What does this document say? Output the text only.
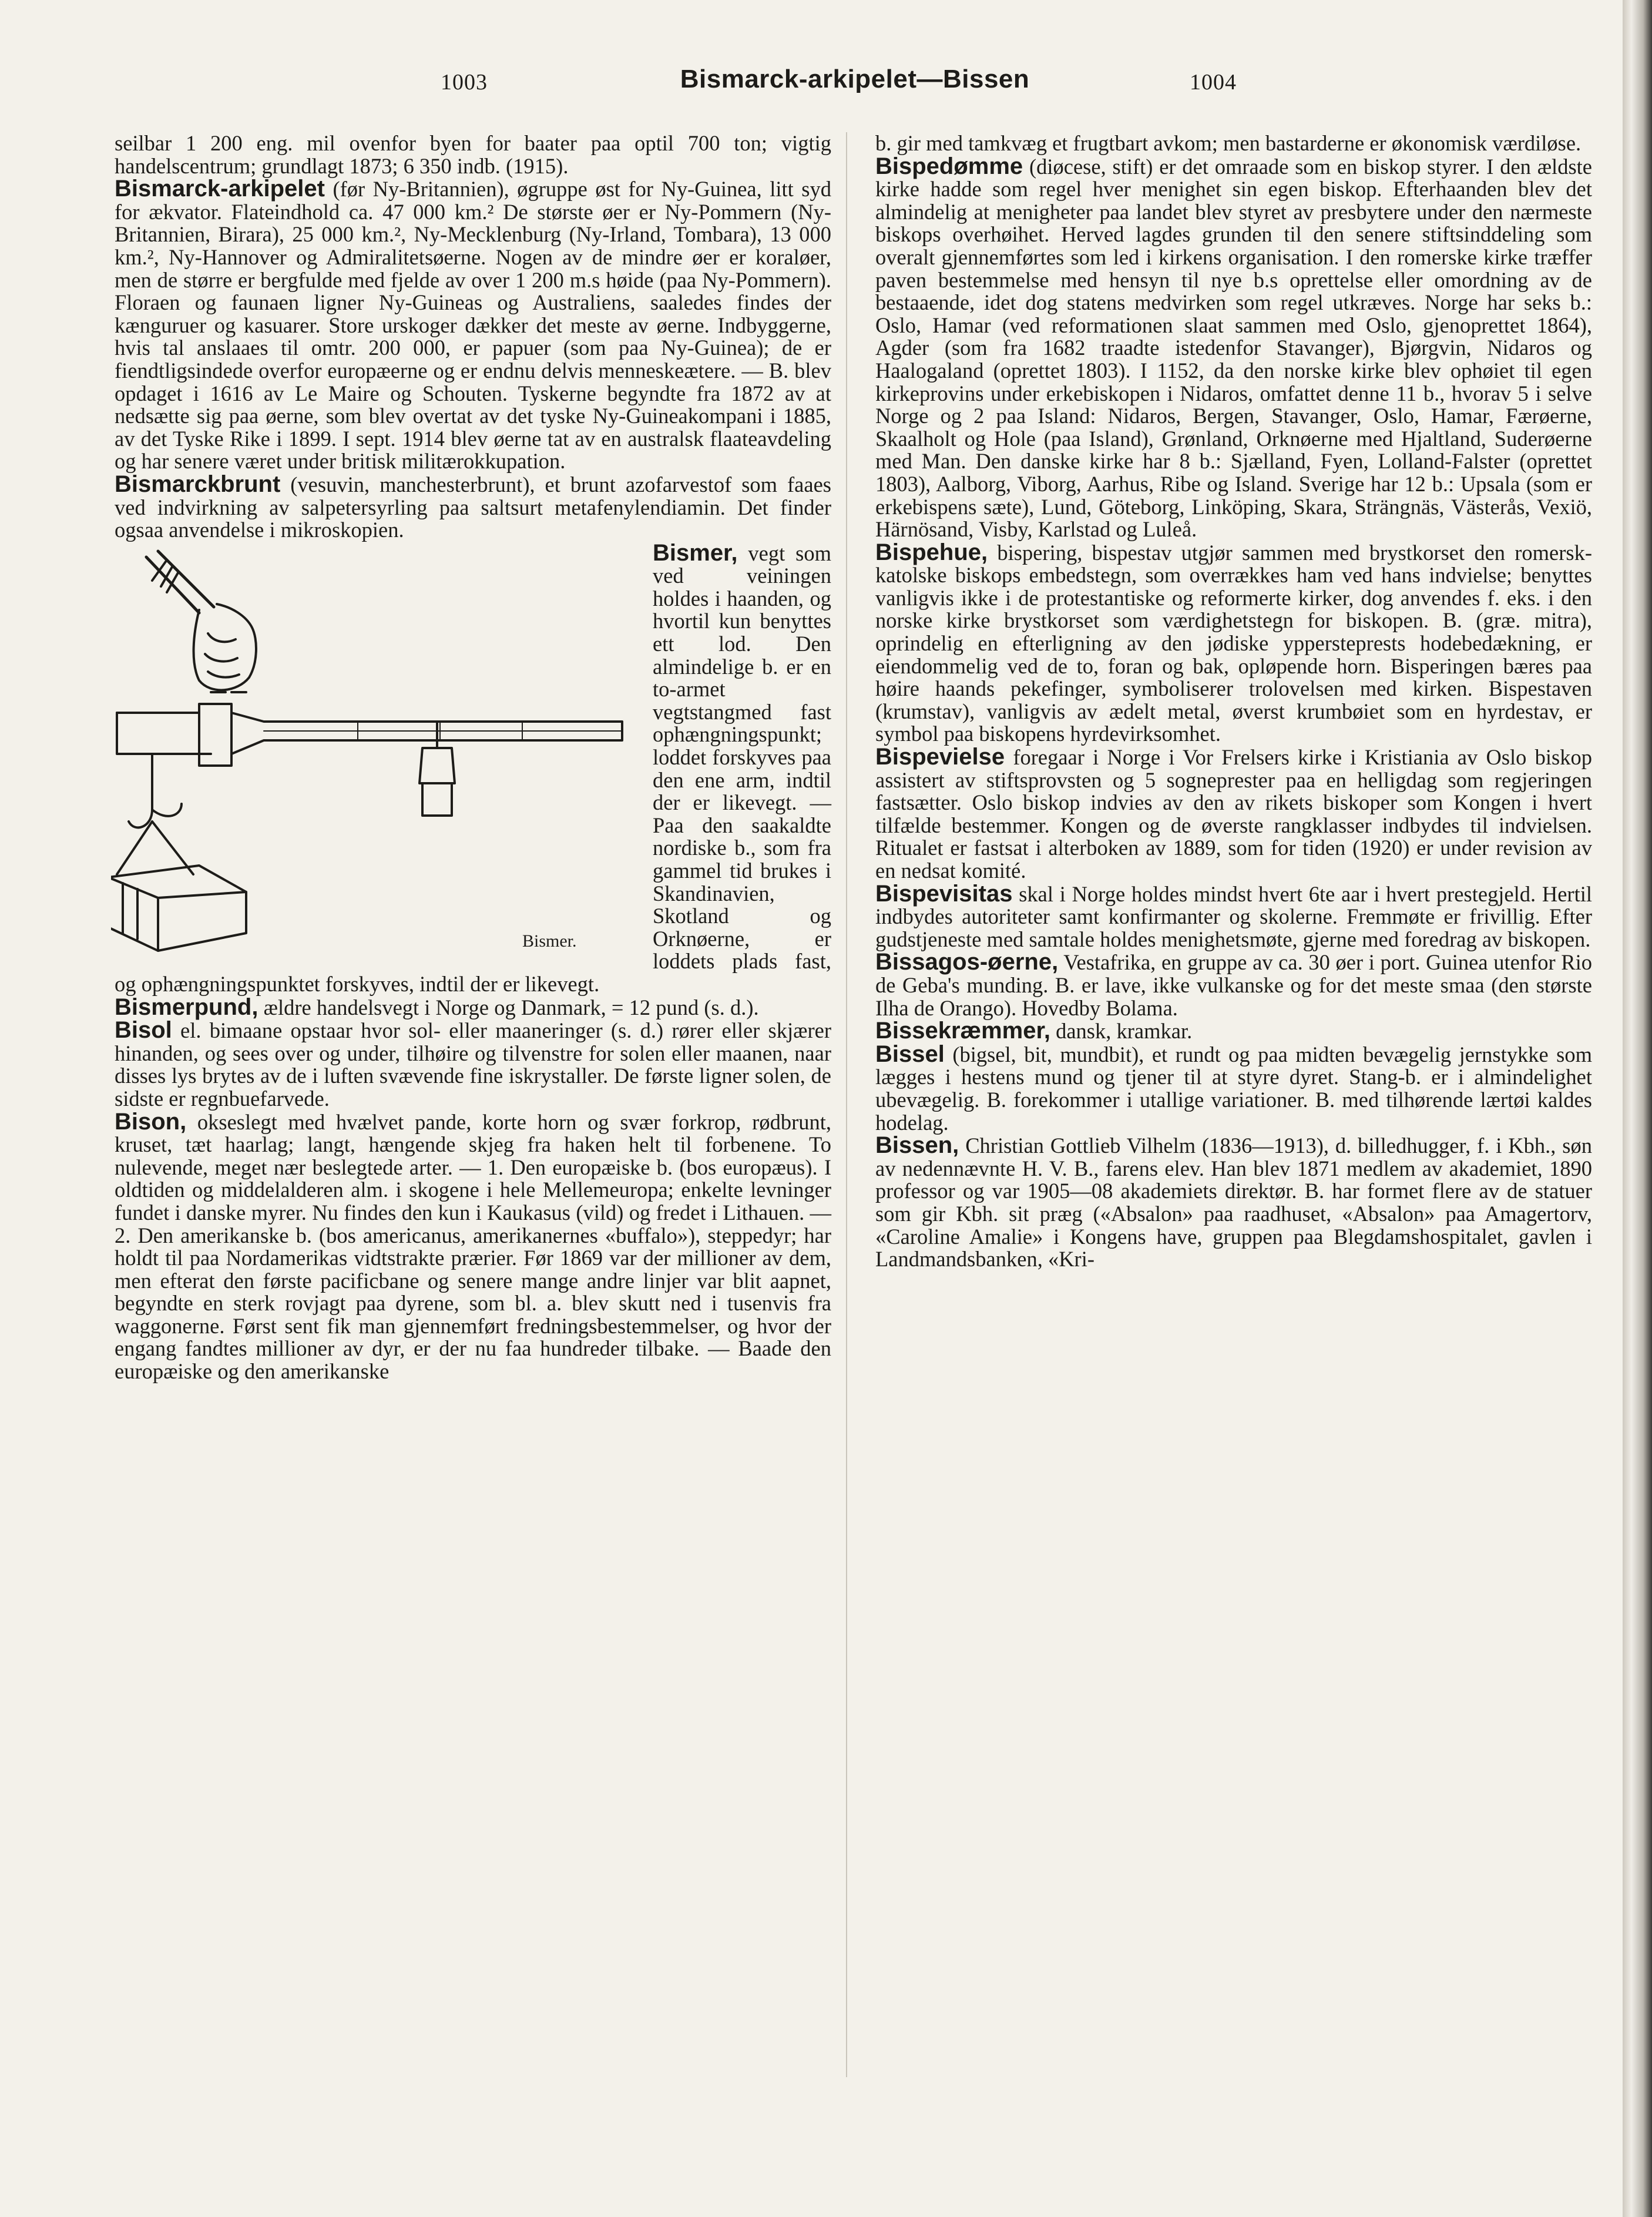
1003	Bismarck-arkipelet—Bissen	1004

seilbar 1 200 eng. mil ovenfor byen for baater paa optil 700 ton; vigtig handelscentrum; grundlagt 1873; 6 350 indb. (1915).

Bismarck-arkipelet (før Ny-Britannien), øgruppe øst for Ny-Guinea, litt syd for ækvator. Flateindhold ca. 47 000 km.² De største øer er Ny-Pommern (Ny-Britannien, Birara), 25 000 km.², Ny-Mecklenburg (Ny-Irland, Tombara), 13 000 km.², Ny-Hannover og Admiralitetsøerne. Nogen av de mindre øer er koraløer, men de større er bergfulde med fjelde av over 1 200 m.s høide (paa Ny-Pommern). Floraen og faunaen ligner Ny-Guineas og Australiens, saaledes findes der kænguruer og kasuarer. Store urskoger dækker det meste av øerne. Indbyggerne, hvis tal anslaaes til omtr. 200 000, er papuer (som paa Ny-Guinea); de er fiendtligsindede overfor europæerne og er endnu delvis menneskeætere. — B. blev opdaget i 1616 av Le Maire og Schouten. Tyskerne begyndte fra 1872 av at nedsætte sig paa øerne, som blev overtat av det tyske Ny-Guineakompani i 1885, av det Tyske Rike i 1899. I sept. 1914 blev øerne tat av en australsk flaateavdeling og har senere været under britisk militærokkupation.

Bismarckbrunt (vesuvin, manchesterbrunt), et brunt azofarvestof som faaes ved indvirkning av salpetersyrling paa saltsurt metafenylendiamin. Det finder ogsaa anvendelse i mikroskopien.

Bismer,
Bismer.
vegt som ved veiningen holdes i haanden, og hvortil kun benyttes ett lod. Den almindelige b. er en to-armet vegtstangmed fast ophængningspunkt; loddet forskyves paa den ene arm, indtil der er likevegt. — Paa den saakaldte nordiske b., som fra gammel tid brukes i Skandinavien, Skotland og Orknøerne, er loddets plads fast, og ophængningspunktet forskyves, indtil der er likevegt.

Bismerpund, ældre handelsvegt i Norge og Danmark, = 12 pund (s. d.).

Bisol el. bimaane opstaar hvor sol- eller maaneringer (s. d.) rører eller skjærer hinanden, og sees over og under, tilhøire og tilvenstre for solen eller maanen, naar disses lys brytes av de i luften svævende fine iskrystaller. De første ligner solen, de sidste er regnbuefarvede.

Bison, okseslegt med hvælvet pande, korte horn og svær forkrop, rødbrunt, kruset, tæt haarlag; langt, hængende skjeg fra haken helt til forbenene. To nulevende, meget nær beslegtede arter. — 1. Den europæiske b. (bos europæus). I oldtiden og middelalderen alm. i skogene i hele Mellemeuropa; enkelte levninger fundet i danske myrer. Nu findes den kun i Kaukasus (vild) og fredet i Lithauen. — 2. Den amerikanske b. (bos americanus, amerikanernes «buffalo»), steppedyr; har holdt til paa Nordamerikas vidtstrakte prærier. Før 1869 var der millioner av dem, men efterat den første pacificbane og senere mange andre linjer var blit aapnet, begyndte en sterk rovjagt paa dyrene, som bl. a. blev skutt ned i tusenvis fra waggonerne. Først sent fik man gjennemført fredningsbestemmelser, og hvor der engang fandtes millioner av dyr, er der nu faa hundreder tilbake. — Baade den europæiske og den amerikanske

b. gir med tamkvæg et frugtbart avkom; men bastarderne er økonomisk værdiløse.

Bispedømme (diøcese, stift) er det omraade som en biskop styrer. I den ældste kirke hadde som regel hver menighet sin egen biskop. Efterhaanden blev det almindelig at menigheter paa landet blev styret av presbytere under den nærmeste biskops overhøihet. Herved lagdes grunden til den senere stiftsinddeling som overalt gjennemførtes som led i kirkens organisation. I den romerske kirke træffer paven bestemmelse med hensyn til nye b.s oprettelse eller omordning av de bestaaende, idet dog statens medvirken som regel utkræves. Norge har seks b.: Oslo, Hamar (ved reformationen slaat sammen med Oslo, gjenoprettet 1864), Agder (som fra 1682 traadte istedenfor Stavanger), Bjørgvin, Nidaros og Haalogaland (oprettet 1803). I 1152, da den norske kirke blev ophøiet til egen kirkeprovins under erkebiskopen i Nidaros, omfattet denne 11 b., hvorav 5 i selve Norge og 2 paa Island: Nidaros, Bergen, Stavanger, Oslo, Hamar, Færøerne, Skaalholt og Hole (paa Island), Grønland, Orknøerne med Hjaltland, Suderøerne med Man. Den danske kirke har 8 b.: Sjælland, Fyen, Lolland-Falster (oprettet 1803), Aalborg, Viborg, Aarhus, Ribe og Island. Sverige har 12 b.: Upsala (som er erkebispens sæte), Lund, Göteborg, Linköping, Skara, Strängnäs, Västerås, Vexiö, Härnösand, Visby, Karlstad og Luleå.

Bispehue, bispering, bispestav utgjør sammen med brystkorset den romersk-katolske biskops embedstegn, som overrækkes ham ved hans indvielse; benyttes vanligvis ikke i de protestantiske og reformerte kirker, dog anvendes f. eks. i den norske kirke brystkorset som værdighetstegn for biskopen. B. (græ. mitra), oprindelig en efterligning av den jødiske yppersteprests hodebedækning, er eiendommelig ved de to, foran og bak, opløpende horn. Bisperingen bæres paa høire haands pekefinger, symboliserer trolovelsen med kirken. Bispestaven (krumstav), vanligvis av ædelt metal, øverst krumbøiet som en hyrdestav, er symbol paa biskopens hyrdevirksomhet.

Bispevielse foregaar i Norge i Vor Frelsers kirke i Kristiania av Oslo biskop assistert av stiftsprovsten og 5 sogneprester paa en helligdag som regjeringen fastsætter. Oslo biskop indvies av den av rikets biskoper som Kongen i hvert tilfælde bestemmer. Kongen og de øverste rangklasser indbydes til indvielsen. Ritualet er fastsat i alterboken av 1889, som for tiden (1920) er under revision av en nedsat komité.

Bispevisitas skal i Norge holdes mindst hvert 6te aar i hvert prestegjeld. Hertil indbydes autoriteter samt konfirmanter og skolerne. Fremmøte er frivillig. Efter gudstjeneste med samtale holdes menighetsmøte, gjerne med foredrag av biskopen.

Bissagos-øerne, Vestafrika, en gruppe av ca. 30 øer i port. Guinea utenfor Rio de Geba's munding. B. er lave, ikke vulkanske og for det meste smaa (den største Ilha de Orango). Hovedby Bolama.

Bissekræmmer, dansk, kramkar.

Bissel (bigsel, bit, mundbit), et rundt og paa midten bevægelig jernstykke som lægges i hestens mund og tjener til at styre dyret. Stang-b. er i almindelighet ubevægelig. B. forekommer i utallige variationer. B. med tilhørende lærtøi kaldes hodelag.

Bissen, Christian Gottlieb Vilhelm (1836—1913), d. billedhugger, f. i Kbh., søn av nedennævnte H. V. B., farens elev. Han blev 1871 medlem av akademiet, 1890 professor og var 1905—08 akademiets direktør. B. har formet flere av de statuer som gir Kbh. sit præg («Absalon» paa raadhuset, «Absalon» paa Amagertorv, «Caroline Amalie» i Kongens have, gruppen paa Blegdamshospitalet, gavlen i Landmandsbanken, «Kri-
